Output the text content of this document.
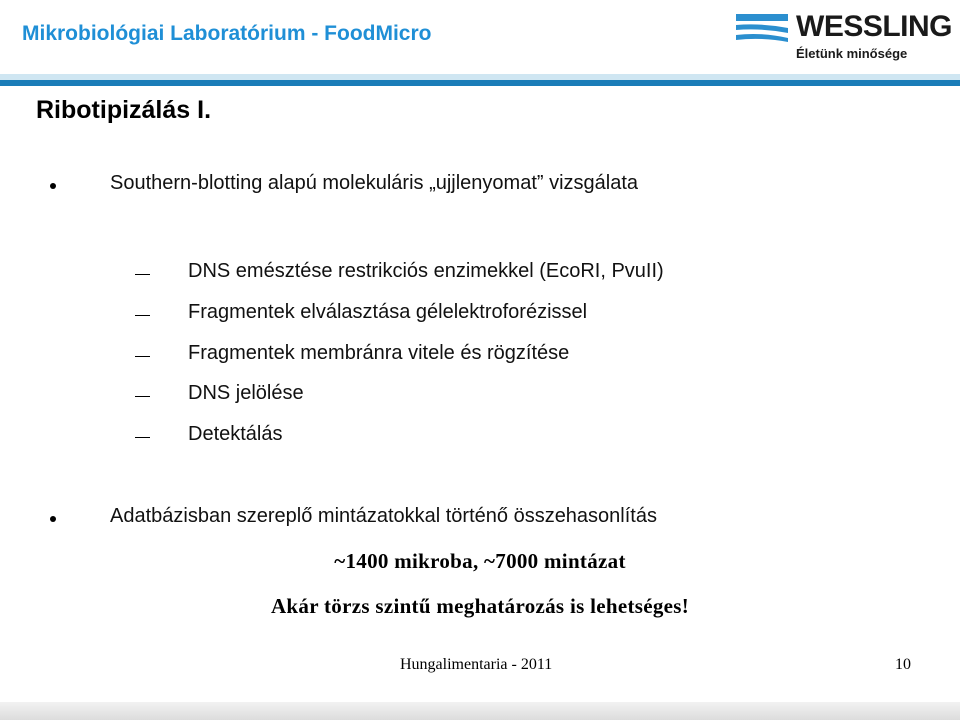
Mikrobiológiai Laboratórium - FoodMicro	WESSLING
Életünk minősége
Ribotipizálás I.
Southern-blotting alapú molekuláris „ujjlenyomat” vizsgálata
DNS emésztése restrikciós enzimekkel (EcoRI, PvuII)
Fragmentek elválasztása gélelektroforézissel
Fragmentek membránra vitele és rögzítése
DNS jelölése
Detektálás
Adatbázisban szereplő mintázatokkal történő összehasonlítás
~1400 mikroba, ~7000 mintázat
Akár törzs szintű meghatározás is lehetséges!
Hungalimentaria - 2011	10
